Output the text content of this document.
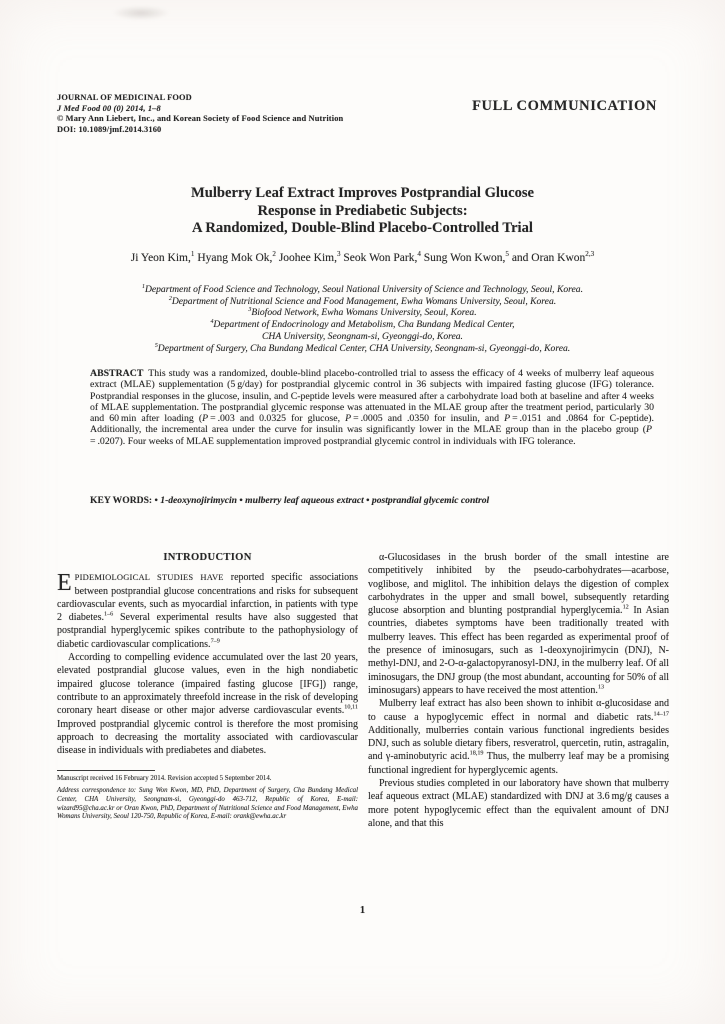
JOURNAL OF MEDICINAL FOOD
J Med Food 00 (0) 2014, 1–8
© Mary Ann Liebert, Inc., and Korean Society of Food Science and Nutrition
DOI: 10.1089/jmf.2014.3160
FULL COMMUNICATION
Mulberry Leaf Extract Improves Postprandial Glucose
Response in Prediabetic Subjects:
A Randomized, Double-Blind Placebo-Controlled Trial
Ji Yeon Kim,$^1$ Hyang Mok Ok,$^2$ Joohee Kim,$^3$ Seok Won Park,$^4$ Sung Won Kwon,$^5$ and Oran Kwon$^{2,3}$
$^1$Department of Food Science and Technology, Seoul National University of Science and Technology, Seoul, Korea.
$^2$Department of Nutritional Science and Food Management, Ewha Womans University, Seoul, Korea.
$^3$Biofood Network, Ewha Womans University, Seoul, Korea.
$^4$Department of Endocrinology and Metabolism, Cha Bundang Medical Center,
CHA University, Seongnam-si, Gyeonggi-do, Korea.
$^5$Department of Surgery, Cha Bundang Medical Center, CHA University, Seongnam-si, Gyeonggi-do, Korea.
ABSTRACT This study was a randomized, double-blind placebo-controlled trial to assess the efficacy of 4 weeks of mulberry leaf aqueous extract (MLAE) supplementation (5 g/day) for postprandial glycemic control in 36 subjects with impaired fasting glucose (IFG) tolerance. Postprandial responses in the glucose, insulin, and C-peptide levels were measured after a carbohydrate load both at baseline and after 4 weeks of MLAE supplementation. The postprandial glycemic response was attenuated in the MLAE group after the treatment period, particularly 30 and 60 min after loading (P = .003 and 0.0325 for glucose, P = .0005 and .0350 for insulin, and P = .0151 and .0864 for C-peptide). Additionally, the incremental area under the curve for insulin was significantly lower in the MLAE group than in the placebo group (P = .0207). Four weeks of MLAE supplementation improved postprandial glycemic control in individuals with IFG tolerance.
KEY WORDS: • 1-deoxynojirimycin • mulberry leaf aqueous extract • postprandial glycemic control
INTRODUCTION

EPIDEMIOLOGICAL STUDIES HAVE reported specific associations between postprandial glucose concentrations and risks for subsequent cardiovascular events, such as myocardial infarction, in patients with type 2 diabetes.$^{1-6}$ Several experimental results have also suggested that postprandial hyperglycemic spikes contribute to the pathophysiology of diabetic cardiovascular complications.$^{7-9}$

According to compelling evidence accumulated over the last 20 years, elevated postprandial glucose values, even in the high nondiabetic impaired glucose tolerance (impaired fasting glucose [IFG]) range, contribute to an approximately threefold increase in the risk of developing coronary heart disease or other major adverse cardiovascular events.$^{10,11}$ Improved postprandial glycemic control is therefore the most promising approach to decreasing the mortality associated with cardiovascular disease in individuals with prediabetes and diabetes.

Manuscript received 16 February 2014. Revision accepted 5 September 2014.
Address correspondence to: Sung Won Kwon, MD, PhD, Department of Surgery, Cha Bundang Medical Center, CHA University, Seongnam-si, Gyeonggi-do 463-712, Republic of Korea, E-mail: wizard95@cha.ac.kr or Oran Kwon, PhD, Department of Nutritional Science and Food Management, Ewha Womans University, Seoul 120-750, Republic of Korea, E-mail: orank@ewha.ac.kr

α-Glucosidases in the brush border of the small intestine are competitively inhibited by the pseudo-carbohydrates—acarbose, voglibose, and miglitol. The inhibition delays the digestion of complex carbohydrates in the upper and small bowel, subsequently retarding glucose absorption and blunting postprandial hyperglycemia.$^{12}$ In Asian countries, diabetes symptoms have been traditionally treated with mulberry leaves. This effect has been regarded as experimental proof of the presence of iminosugars, such as 1-deoxynojirimycin (DNJ), N-methyl-DNJ, and 2-O-α-galactopyranosyl-DNJ, in the mulberry leaf. Of all iminosugars, the DNJ group (the most abundant, accounting for 50% of all iminosugars) appears to have received the most attention.$^{13}$

Mulberry leaf extract has also been shown to inhibit α-glucosidase and to cause a hypoglycemic effect in normal and diabetic rats.$^{14-17}$ Additionally, mulberries contain various functional ingredients besides DNJ, such as soluble dietary fibers, resveratrol, quercetin, rutin, astragalin, and γ-aminobutyric acid.$^{18,19}$ Thus, the mulberry leaf may be a promising functional ingredient for hyperglycemic agents.

Previous studies completed in our laboratory have shown that mulberry leaf aqueous extract (MLAE) standardized with DNJ at 3.6 mg/g causes a more potent hypoglycemic effect than the equivalent amount of DNJ alone, and that this

1
